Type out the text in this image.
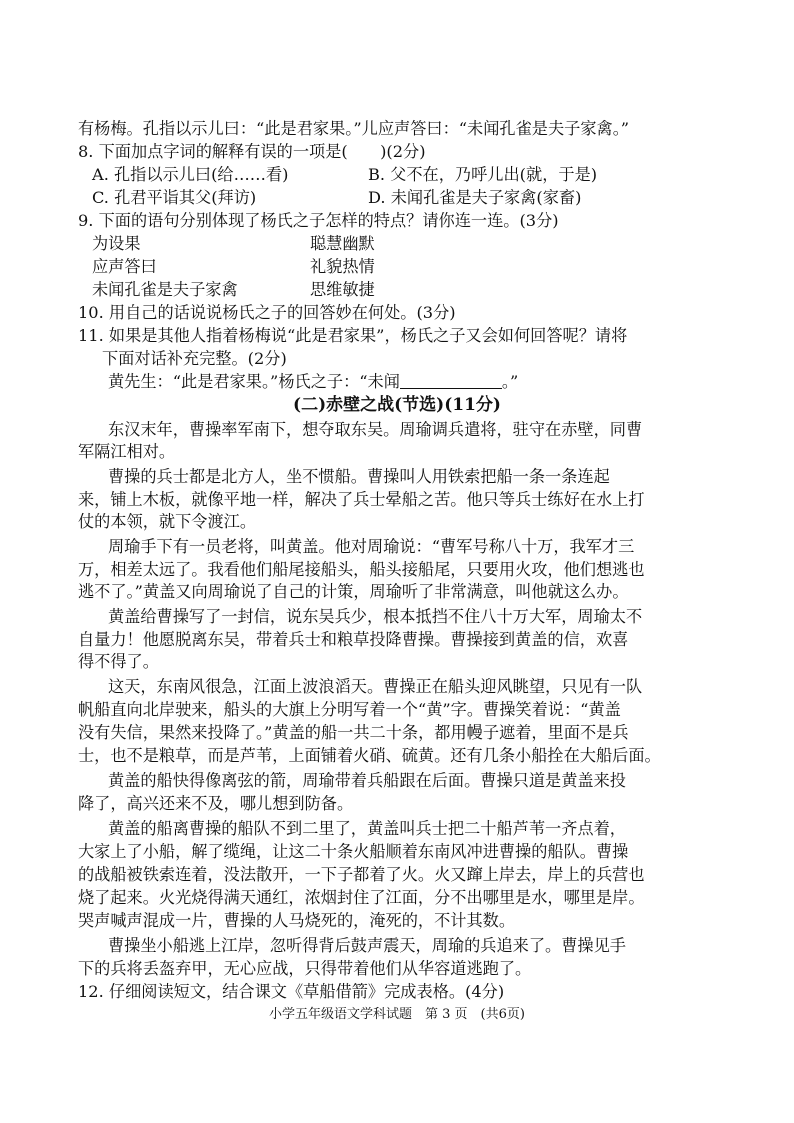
有杨梅。孔指以示儿曰：“此是君家果。”儿应声答曰：“未闻孔雀是夫子家禽。”
8. 下面加点字词的解释有误的一项是(　　)(2分)
A. 孔指以示儿曰(给……看)	B. 父不在，乃呼儿出(就，于是)
C. 孔君平诣其父(拜访)	D. 未闻孔雀是夫子家禽(家畜)
9. 下面的语句分别体现了杨氏之子怎样的特点？请你连一连。(3分)
为设果	聪慧幽默
应声答曰	礼貌热情
未闻孔雀是夫子家禽	思维敏捷
10. 用自己的话说说杨氏之子的回答妙在何处。(3分)
11. 如果是其他人指着杨梅说“此是君家果”，杨氏之子又会如何回答呢？请将
下面对话补充完整。(2分)
黄先生：“此是君家果。”杨氏之子：“未闻	。”
(二)赤壁之战(节选)(11分)
东汉末年，曹操率军南下，想夺取东吴。周瑜调兵遣将，驻守在赤壁，同曹
军隔江相对。
曹操的兵士都是北方人，坐不惯船。曹操叫人用铁索把船一条一条连起
来，铺上木板，就像平地一样，解决了兵士晕船之苦。他只等兵士练好在水上打
仗的本领，就下令渡江。
周瑜手下有一员老将，叫黄盖。他对周瑜说：“曹军号称八十万，我军才三
万，相差太远了。我看他们船尾接船头，船头接船尾，只要用火攻，他们想逃也
逃不了。”黄盖又向周瑜说了自己的计策，周瑜听了非常满意，叫他就这么办。
黄盖给曹操写了一封信，说东吴兵少，根本抵挡不住八十万大军，周瑜太不
自量力！他愿脱离东吴，带着兵士和粮草投降曹操。曹操接到黄盖的信，欢喜
得不得了。
这天，东南风很急，江面上波浪滔天。曹操正在船头迎风眺望，只见有一队
帆船直向北岸驶来，船头的大旗上分明写着一个“黄”字。曹操笑着说：“黄盖
没有失信，果然来投降了。”黄盖的船一共二十条，都用幔子遮着，里面不是兵
士，也不是粮草，而是芦苇，上面铺着火硝、硫黄。还有几条小船拴在大船后面。
黄盖的船快得像离弦的箭，周瑜带着兵船跟在后面。曹操只道是黄盖来投
降了，高兴还来不及，哪儿想到防备。
黄盖的船离曹操的船队不到二里了，黄盖叫兵士把二十船芦苇一齐点着，
大家上了小船，解了缆绳，让这二十条火船顺着东南风冲进曹操的船队。曹操
的战船被铁索连着，没法散开，一下子都着了火。火又蹿上岸去，岸上的兵营也
烧了起来。火光烧得满天通红，浓烟封住了江面，分不出哪里是水，哪里是岸。
哭声喊声混成一片，曹操的人马烧死的，淹死的，不计其数。
曹操坐小船逃上江岸，忽听得背后鼓声震天，周瑜的兵追来了。曹操见手
下的兵将丢盔弃甲，无心应战，只得带着他们从华容道逃跑了。
12. 仔细阅读短文，结合课文《草船借箭》完成表格。(4分)
小学五年级语文学科试题　第 3 页　(共6页)
